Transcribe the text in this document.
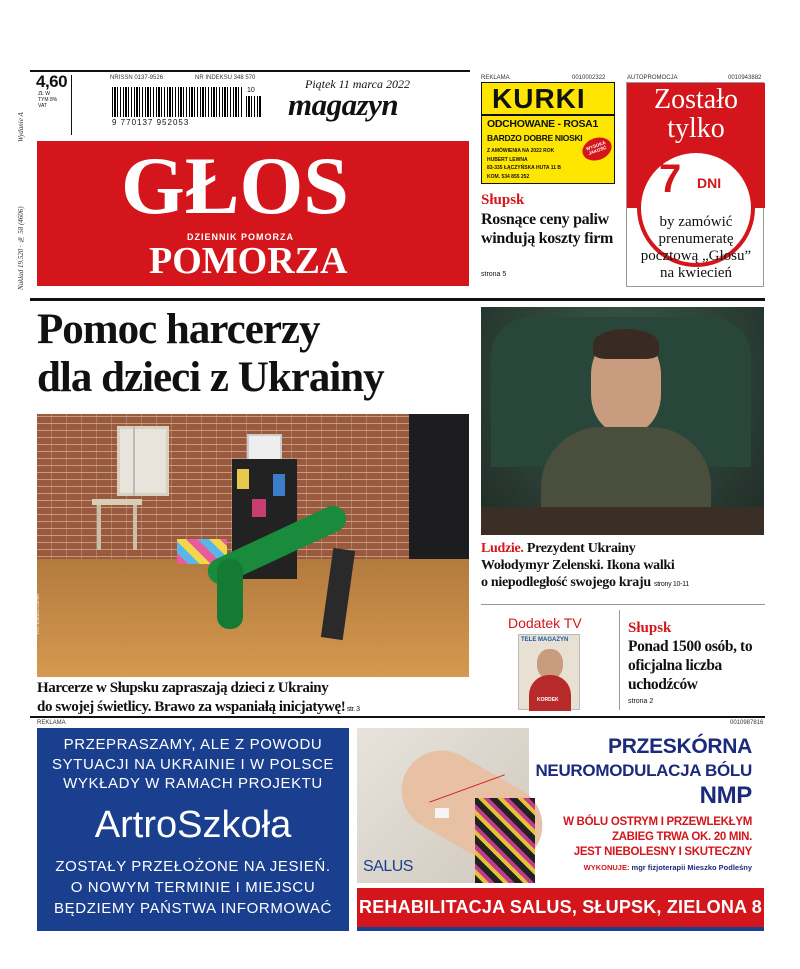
Wydanie A
Nakład 19.520 · № 58 (4606)
4,60
ZŁ W TYM 8% VAT
NRISSN 0137-9526	NR INDEKSU 348 570
9 770137 952053
10	Piątek 11 marca 2022
magazyn
GŁOS
DZIENNIK POMORZA
POMORZA
REKLAMA	0010002322
KURKI
ODCHOWANE - ROSA1
BARDZO DOBRE NIOSKI
WYSOKA JAKOŚĆ
Z AMÓWIENIA NA 2022 ROK
HUBERT LEWNA
83-335 ŁĄCZYŃSKA HUTA 11 B
KOM. 534 855 252
Słupsk
Rosnące ceny paliw windują koszty firm
strona 5
AUTOPROMOCJA	0010943882
Zostało
tylko
7 DNI
by zamówić
prenumeratę
pocztową „Głosu”
na kwiecień
Pomoc harcerzy
dla dzieci z Ukrainy
FOT. ŁUKASZ CAPAR
Harcerze w Słupsku zapraszają dzieci z Ukrainy
do swojej świetlicy. Brawo za wspaniałą inicjatywę! str. 3
Ludzie. Prezydent Ukrainy
Wołodymyr Zelenski. Ikona walki
o niepodległość swojego kraju strony 10-11
Dodatek TV
TELE MAGAZYN
KORDEK
Słupsk
Ponad 1500 osób, to oficjalna liczba uchodźców
strona 2
REKLAMA	0010987816
PRZEPRASZAMY, ALE Z POWODU
SYTUACJI NA UKRAINIE I W POLSCE
WYKŁADY W RAMACH PROJEKTU
ArtroSzkoła
ZOSTAŁY PRZEŁOŻONE NA JESIEŃ.
O NOWYM TERMINIE I MIEJSCU
BĘDZIEMY PAŃSTWA INFORMOWAĆ
SALUS
PRZESKÓRNA
NEUROMODULACJA BÓLU
NMP
W BÓLU OSTRYM I PRZEWLEKŁYM
ZABIEG TRWA OK. 20 MIN.
JEST NIEBOLESNY I SKUTECZNY
WYKONUJE: mgr fizjoterapii Mieszko Podleśny
REHABILITACJA SALUS, SŁUPSK, ZIELONA 8
